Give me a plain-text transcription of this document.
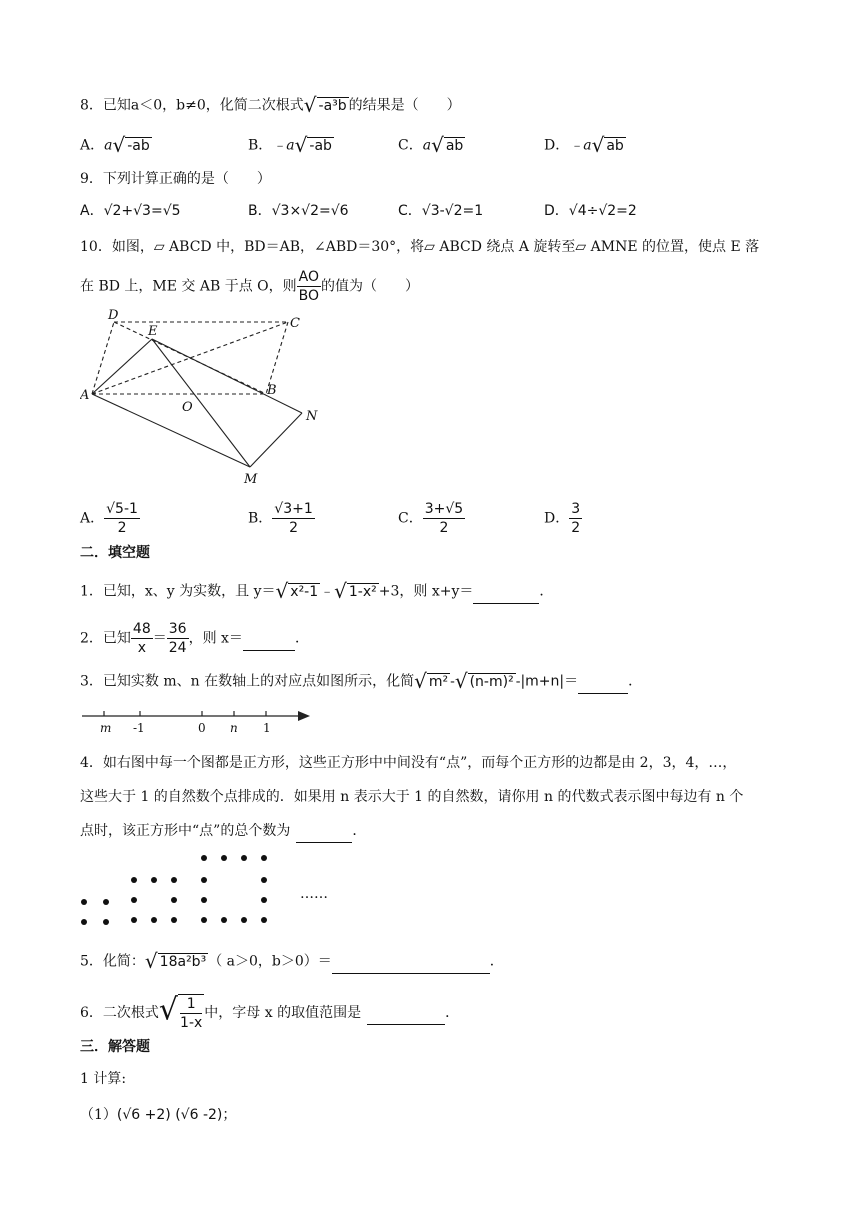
8．已知a＜0，b≠0，化简二次根式√ -a³b 的结果是（　　）
A．a√ -ab	B．﹣a√ -ab	C．a√ ab	D．﹣a√ ab
9．下列计算正确的是（　　）
A．√2+√3=√5	B．√3×√2=√6	C．√3-√2=1	D．√4÷√2=2
10．如图，▱ ABCD 中，BD＝AB，∠ABD＝30°，将▱ ABCD 绕点 A 旋转至▱ AMNE 的位置，使点 E 落
在 BD 上，ME 交 AB 于点 O，则 $\frac{AO}{BO}$ 的值为（　　）
D
C
E
A
O
B
N
M
A． $\frac{√5-1}{2}$	B． $\frac{√3+1}{2}$	C． $\frac{3+√5}{2}$	D． $\frac{3}{2}$
二．填空题
1．已知，x、y 为实数，且 y＝√ x²-1 ﹣√ 1-x² +3，则 x+y＝	．
2．已知 $\frac{48}{x} = \frac{36}{24}$ ，则 x＝	．
3．已知实数 m、n 在数轴上的对应点如图所示，化简√ m² -√ (n-m)² -|m+n|＝	．
m -1	0 n 1
4．如右图中每一个图都是正方形，这些正方形中中间没有“点”，而每个正方形的边都是由 2，3，4，…，
这些大于 1 的自然数个点排成的．如果用 n 表示大于 1 的自然数，请你用 n 的代数式表示图中每边有 n 个
点时，该正方形中“点”的总个数为	．
……
5．化简：√ 18a²b³ （ a＞0，b＞0）＝	．
6．二次根式√ $\frac{1}{1-x}$ 中，字母 x 的取值范围是	．
三．解答题
1 计算:
（1）(√6 +2) (√6 -2)；
